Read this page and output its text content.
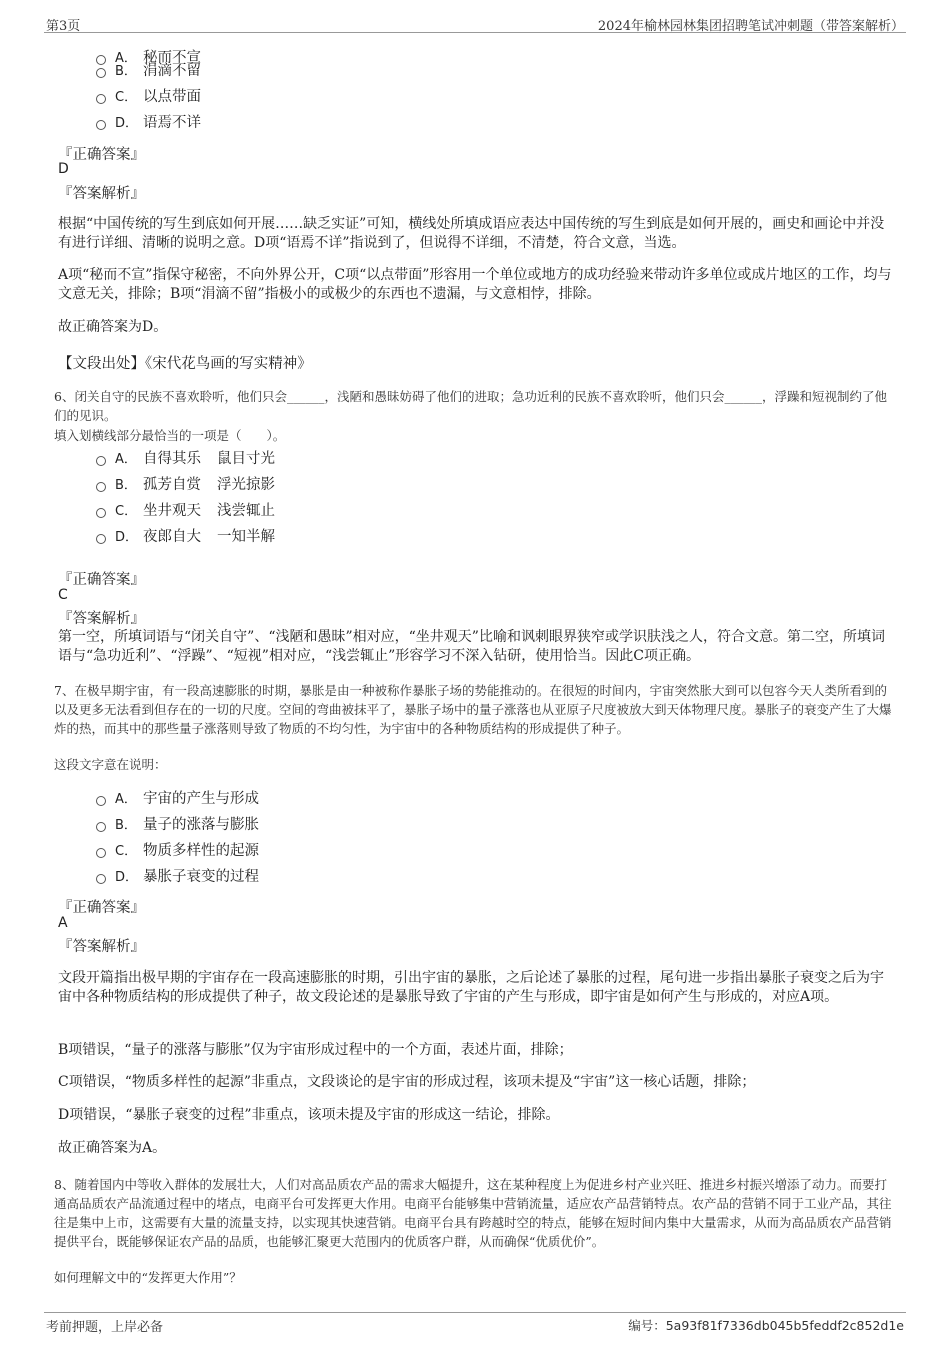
第3页	2024年榆林园林集团招聘笔试冲刺题（带答案解析）
A． 秘而不宣
B． 涓滴不留
C． 以点带面
D． 语焉不详
『正确答案』
D
『答案解析』
根据“中国传统的写生到底如何开展……缺乏实证”可知，横线处所填成语应表达中国传统的写生到底是如何开展的，画史和画论中并没有进行详细、清晰的说明之意。D项“语焉不详”指说到了，但说得不详细，不清楚，符合文意，当选。
A项“秘而不宣”指保守秘密，不向外界公开，C项“以点带面”形容用一个单位或地方的成功经验来带动许多单位或成片地区的工作，均与文意无关，排除；B项“涓滴不留”指极小的或极少的东西也不遗漏，与文意相悖，排除。
故正确答案为D。
【文段出处】《宋代花鸟画的写实精神》
6、闭关自守的民族不喜欢聆听，他们只会______，浅陋和愚昧妨碍了他们的进取；急功近利的民族不喜欢聆听，他们只会______，浮躁和短视制约了他们的见识。
填入划横线部分最恰当的一项是（　　）。
A． 自得其乐 鼠目寸光
B． 孤芳自赏 浮光掠影
C． 坐井观天 浅尝辄止
D． 夜郎自大 一知半解
『正确答案』
C
『答案解析』
第一空，所填词语与“闭关自守”、“浅陋和愚昧”相对应，“坐井观天”比喻和讽刺眼界狭窄或学识肤浅之人，符合文意。第二空，所填词语与“急功近利”、“浮躁”、“短视”相对应，“浅尝辄止”形容学习不深入钻研，使用恰当。因此C项正确。
7、在极早期宇宙，有一段高速膨胀的时期，暴胀是由一种被称作暴胀子场的势能推动的。在很短的时间内，宇宙突然胀大到可以包容今天人类所看到的以及更多无法看到但存在的一切的尺度。空间的弯曲被抹平了，暴胀子场中的量子涨落也从亚原子尺度被放大到天体物理尺度。暴胀子的衰变产生了大爆炸的热，而其中的那些量子涨落则导致了物质的不均匀性，为宇宙中的各种物质结构的形成提供了种子。
这段文字意在说明：
A． 宇宙的产生与形成
B． 量子的涨落与膨胀
C． 物质多样性的起源
D． 暴胀子衰变的过程
『正确答案』
A
『答案解析』
文段开篇指出极早期的宇宙存在一段高速膨胀的时期，引出宇宙的暴胀，之后论述了暴胀的过程，尾句进一步指出暴胀子衰变之后为宇宙中各种物质结构的形成提供了种子，故文段论述的是暴胀导致了宇宙的产生与形成，即宇宙是如何产生与形成的，对应A项。
B项错误，“量子的涨落与膨胀”仅为宇宙形成过程中的一个方面，表述片面，排除；
C项错误，“物质多样性的起源”非重点，文段谈论的是宇宙的形成过程，该项未提及“宇宙”这一核心话题，排除；
D项错误，“暴胀子衰变的过程”非重点，该项未提及宇宙的形成这一结论，排除。
故正确答案为A。
8、随着国内中等收入群体的发展壮大，人们对高品质农产品的需求大幅提升，这在某种程度上为促进乡村产业兴旺、推进乡村振兴增添了动力。而要打通高品质农产品流通过程中的堵点，电商平台可发挥更大作用。电商平台能够集中营销流量，适应农产品营销特点。农产品的营销不同于工业产品，其往往是集中上市，这需要有大量的流量支持，以实现其快速营销。电商平台具有跨越时空的特点，能够在短时间内集中大量需求，从而为高品质农产品营销提供平台，既能够保证农产品的品质，也能够汇聚更大范围内的优质客户群，从而确保“优质优价”。
如何理解文中的“发挥更大作用”？
考前押题，上岸必备	编号：5a93f81f7336db045b5feddf2c852d1e
